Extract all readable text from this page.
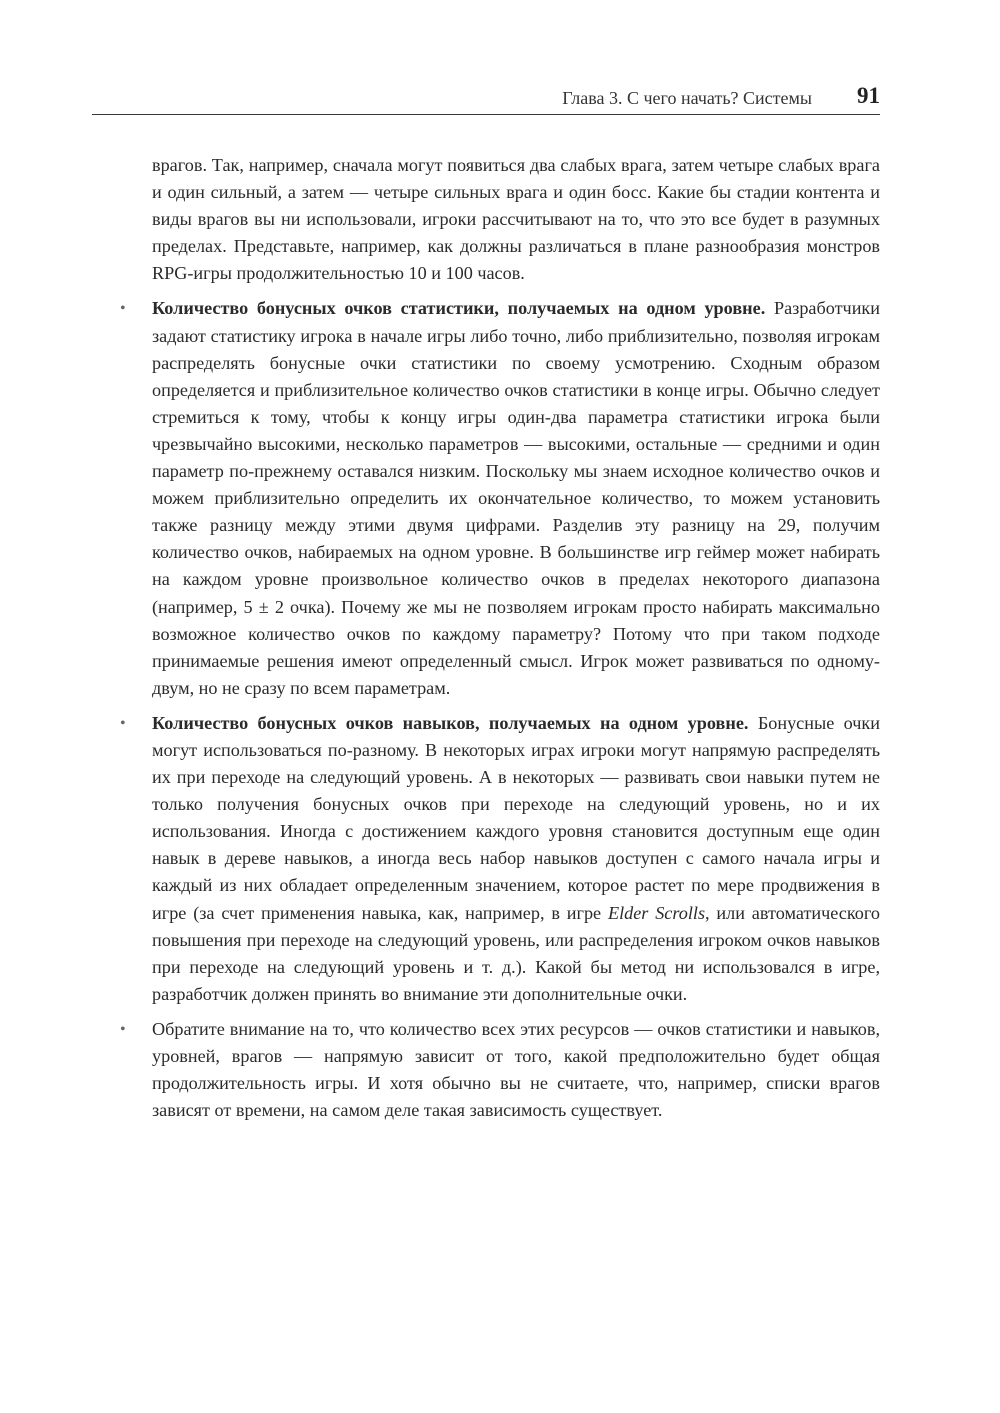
Глава 3. С чего начать? Системы 91

врагов. Так, например, сначала могут появиться два слабых врага, затем четыре слабых врага и один сильный, а затем — четыре сильных врага и один босс. Какие бы стадии контента и виды врагов вы ни использовали, игроки рассчитывают на то, что это все будет в разумных пределах. Представьте, например, как должны различаться в плане разнообразия монстров RPG-игры продолжительностью 10 и 100 часов.

• Количество бонусных очков статистики, получаемых на одном уровне. Разработчики задают статистику игрока в начале игры либо точно, либо приблизительно, позволяя игрокам распределять бонусные очки статистики по своему усмотрению. Сходным образом определяется и приблизительное количество очков статистики в конце игры. Обычно следует стремиться к тому, чтобы к концу игры один-два параметра статистики игрока были чрезвычайно высокими, несколько параметров — высокими, остальные — средними и один параметр по-прежнему оставался низким. Поскольку мы знаем исходное количество очков и можем приблизительно определить их окончательное количество, то можем установить также разницу между этими двумя цифрами. Разделив эту разницу на 29, получим количество очков, набираемых на одном уровне. В большинстве игр геймер может набирать на каждом уровне произвольное количество очков в пределах некоторого диапазона (например, 5 ± 2 очка). Почему же мы не позволяем игрокам просто набирать максимально возможное количество очков по каждому параметру? Потому что при таком подходе принимаемые решения имеют определенный смысл. Игрок может развиваться по одному-двум, но не сразу по всем параметрам.

• Количество бонусных очков навыков, получаемых на одном уровне. Бонусные очки могут использоваться по-разному. В некоторых играх игроки могут напрямую распределять их при переходе на следующий уровень. А в некоторых — развивать свои навыки путем не только получения бонусных очков при переходе на следующий уровень, но и их использования. Иногда с достижением каждого уровня становится доступным еще один навык в дереве навыков, а иногда весь набор навыков доступен с самого начала игры и каждый из них обладает определенным значением, которое растет по мере продвижения в игре (за счет применения навыка, как, например, в игре Elder Scrolls, или автоматического повышения при переходе на следующий уровень, или распределения игроком очков навыков при переходе на следующий уровень и т. д.). Какой бы метод ни использовался в игре, разработчик должен принять во внимание эти дополнительные очки.

• Обратите внимание на то, что количество всех этих ресурсов — очков статистики и навыков, уровней, врагов — напрямую зависит от того, какой предположительно будет общая продолжительность игры. И хотя обычно вы не считаете, что, например, списки врагов зависят от времени, на самом деле такая зависимость существует.
